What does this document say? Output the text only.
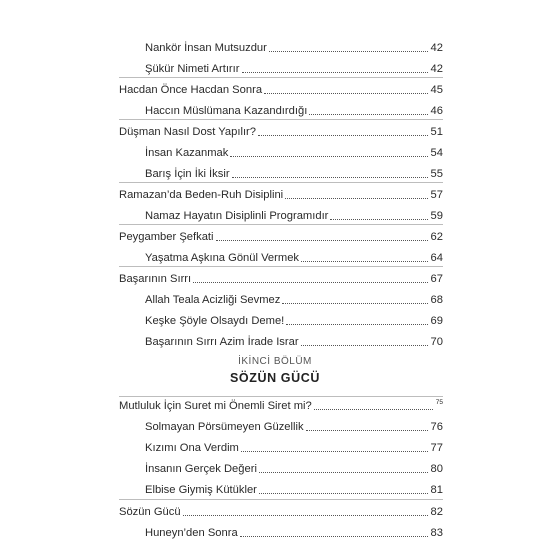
Nankör İnsan Mutsuzdur	42
Şükür Nimeti Artırır	42
Hacdan Önce Hacdan Sonra	45
Haccın Müslümana Kazandırdığı	46
Düşman Nasıl Dost Yapılır?	51
İnsan Kazanmak	54
Barış İçin İki İksir	55
Ramazan’da Beden-Ruh Disiplini	57
Namaz Hayatın Disiplinli Programıdır	59
Peygamber Şefkati	62
Yaşatma Aşkına Gönül Vermek	64
Başarının Sırrı	67
Allah Teala Acizliği Sevmez	68
Keşke Şöyle Olsaydı Deme!	69
Başarının Sırrı Azim İrade Israr	70
İKİNCİ BÖLÜM
SÖZÜN GÜCÜ
Mutluluk İçin Suret mi Önemli Siret mi?	75
Solmayan Pörsümeyen Güzellik	76
Kızımı Ona Verdim	77
İnsanın Gerçek Değeri	80
Elbise Giymiş Kütükler	81
Sözün Gücü	82
Huneyn’den Sonra	83
